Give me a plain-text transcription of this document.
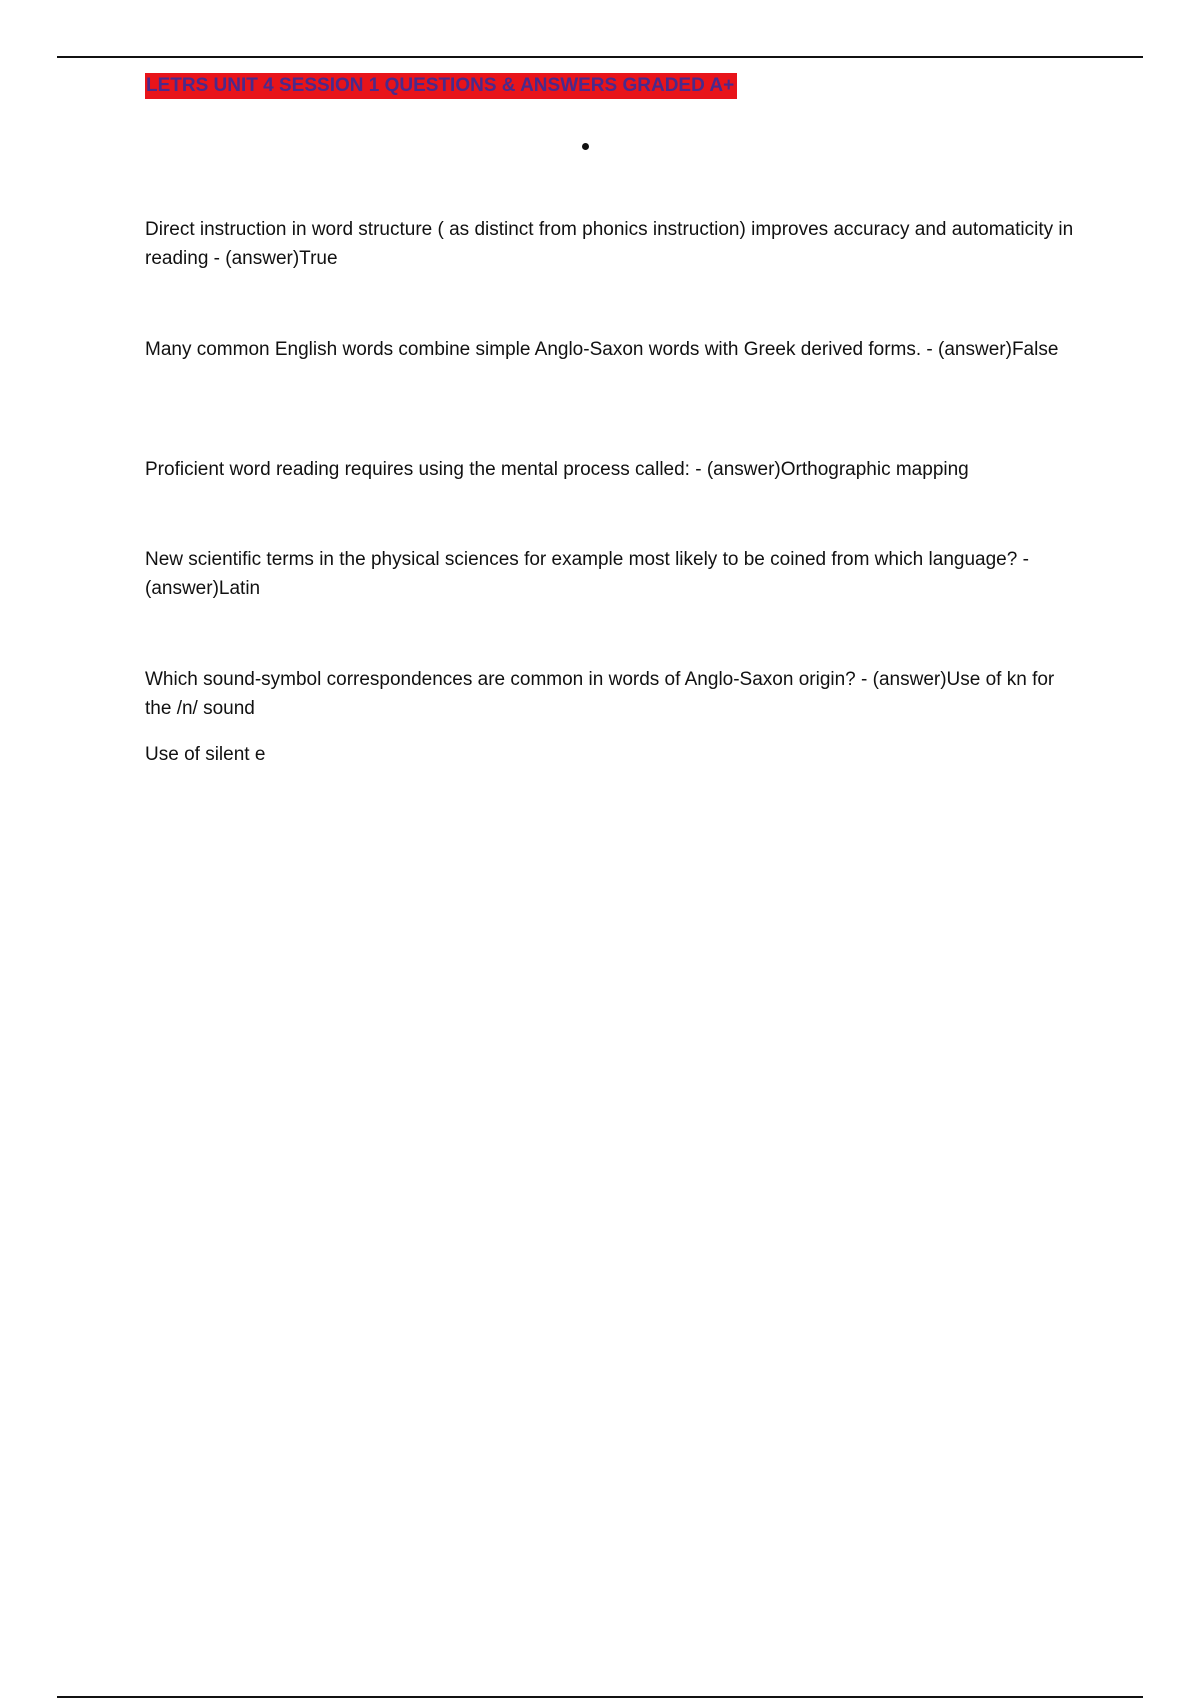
LETRS UNIT 4 SESSION 1 QUESTIONS & ANSWERS GRADED A+

Direct instruction in word structure ( as distinct from phonics instruction) improves accuracy and automaticity in reading - (answer)True

Many common English words combine simple Anglo-Saxon words with Greek derived forms. - (answer)False

Proficient word reading requires using the mental process called: - (answer)Orthographic mapping

New scientific terms in the physical sciences for example most likely to be coined from which language? - (answer)Latin

Which sound-symbol correspondences are common in words of Anglo-Saxon origin? - (answer)Use of kn for the /n/ sound

Use of silent e
